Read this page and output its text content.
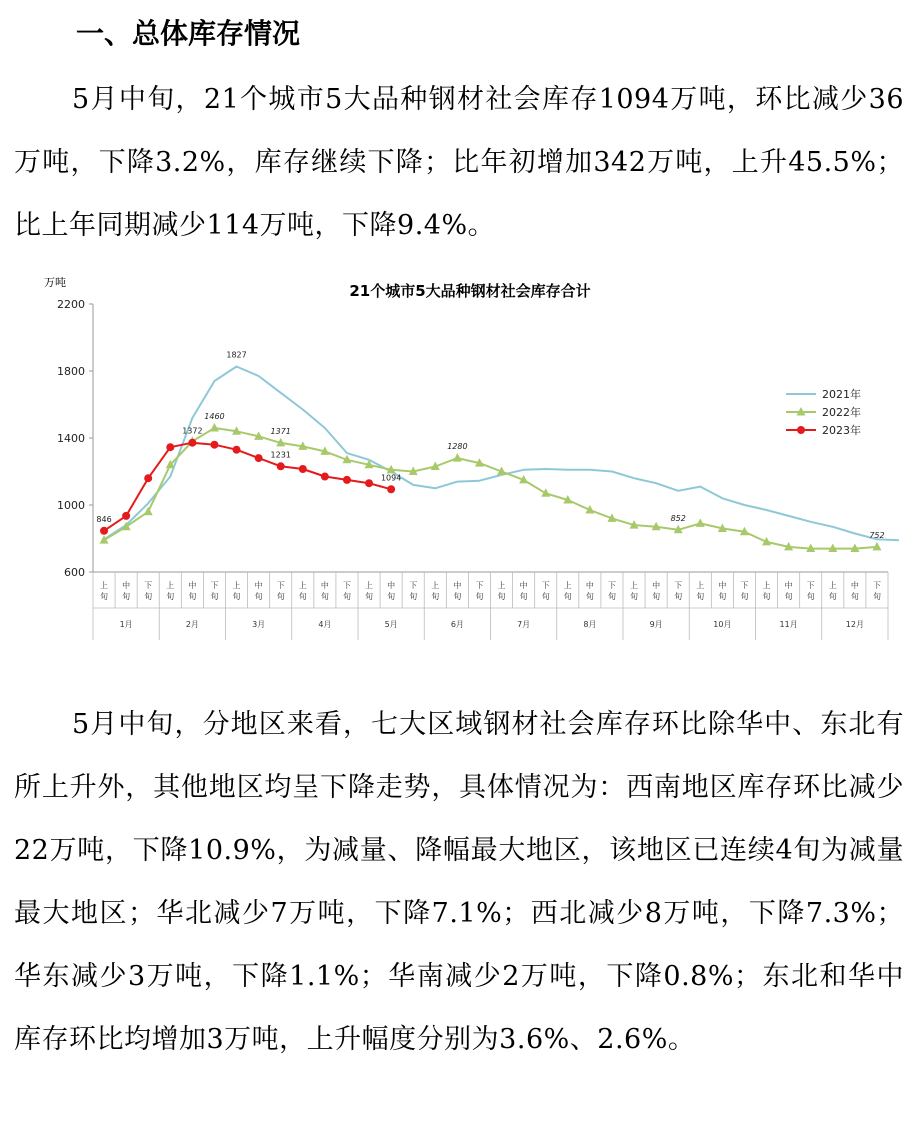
一、总体库存情况

5月中旬，21个城市5大品种钢材社会库存1094万吨，环比减少36万吨，下降3.2%，库存继续下降；比年初增加342万吨，上升45.5%；比上年同期减少114万吨，下降9.4%。

21个城市5大品种钢材社会库存合计
万吨
600
1000
1400
1800
2200
上
旬
中
旬
下
旬
上
旬
中
旬
下
旬
上
旬
中
旬
下
旬
上
旬
中
旬
下
旬
上
旬
中
旬
下
旬
上
旬
中
旬
下
旬
上
旬
中
旬
下
旬
上
旬
中
旬
下
旬
上
旬
中
旬
下
旬
上
旬
中
旬
下
旬
上
旬
中
旬
下
旬
上
旬
中
旬
下
旬
1月	2月	3月	4月	5月	6月	7月	8月	9月	10月	11月	12月
1827
1460
1371
1280
852
752
846
1372
1231
1094
2021年
2022年
2023年

5月中旬，分地区来看，七大区域钢材社会库存环比除华中、东北有所上升外，其他地区均呈下降走势，具体情况为：西南地区库存环比减少22万吨，下降10.9%，为减量、降幅最大地区，该地区已连续4旬为减量最大地区；华北减少7万吨，下降7.1%；西北减少8万吨，下降7.3%；华东减少3万吨，下降1.1%；华南减少2万吨，下降0.8%；东北和华中库存环比均增加3万吨，上升幅度分别为3.6%、2.6%。
